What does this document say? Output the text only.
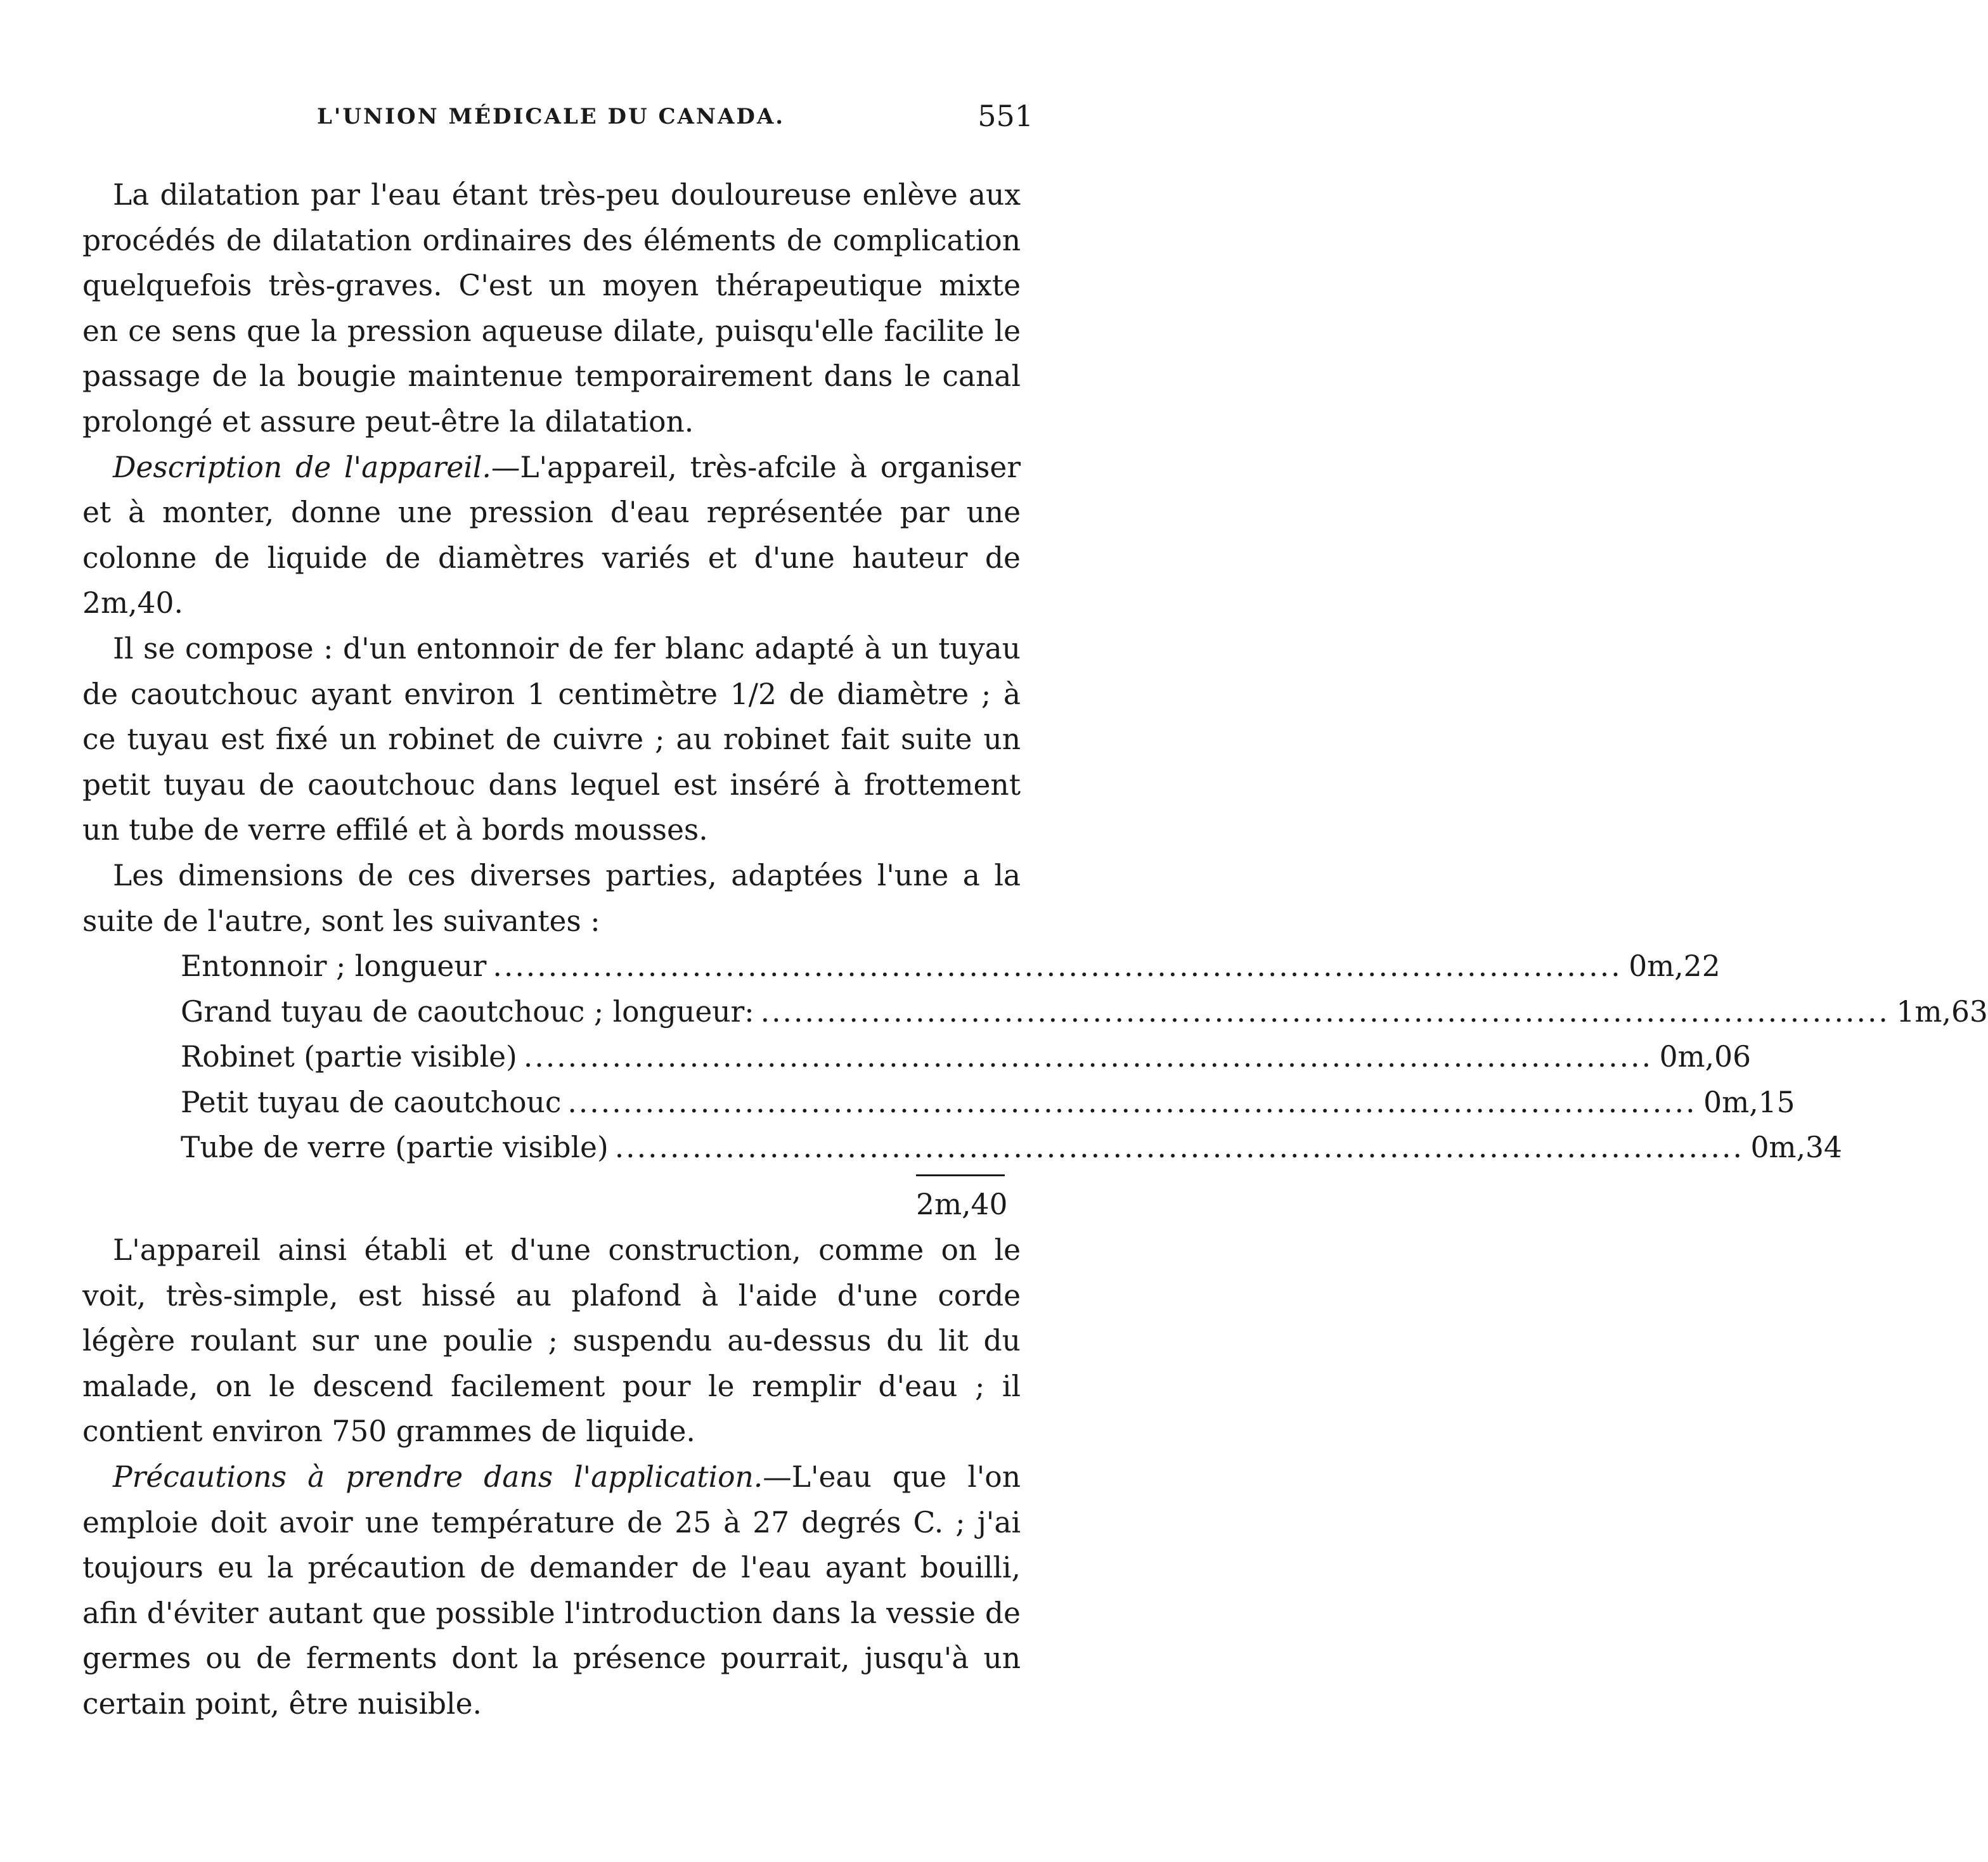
L'UNION MÉDICALE DU CANADA.	551

La dilatation par l'eau étant très-peu douloureuse enlève aux procédés de dilatation ordinaires des éléments de complication quelquefois très-graves. C'est un moyen thérapeutique mixte en ce sens que la pression aqueuse dilate, puisqu'elle facilite le passage de la bougie maintenue temporairement dans le canal prolongé et assure peut-être la dilatation.

Description de l'appareil.—L'appareil, très-afcile à organiser et à monter, donne une pression d'eau représentée par une colonne de liquide de diamètres variés et d'une hauteur de 2m,40.

Il se compose : d'un entonnoir de fer blanc adapté à un tuyau de caoutchouc ayant environ 1 centimètre 1/2 de diamètre ; à ce tuyau est fixé un robinet de cuivre ; au robinet fait suite un petit tuyau de caoutchouc dans lequel est inséré à frottement un tube de verre effilé et à bords mousses.

Les dimensions de ces diverses parties, adaptées l'une a la suite de l'autre, sont les suivantes :

Entonnoir ; longueur ...................................................................................................... 0m,22
Grand tuyau de caoutchouc ; longueur: ...................................................................................................... 1m,63
Robinet (partie visible) ...................................................................................................... 0m,06
Petit tuyau de caoutchouc ...................................................................................................... 0m,15
Tube de verre (partie visible) ...................................................................................................... 0m,34
2m,40

L'appareil ainsi établi et d'une construction, comme on le voit, très-simple, est hissé au plafond à l'aide d'une corde légère roulant sur une poulie ; suspendu au-dessus du lit du malade, on le descend facilement pour le remplir d'eau ; il contient environ 750 grammes de liquide.

Précautions à prendre dans l'application.—L'eau que l'on emploie doit avoir une température de 25 à 27 degrés C. ; j'ai toujours eu la précaution de demander de l'eau ayant bouilli, afin d'éviter autant que possible l'introduction dans la vessie de germes ou de ferments dont la présence pourrait, jusqu'à un certain point, être nuisible.
